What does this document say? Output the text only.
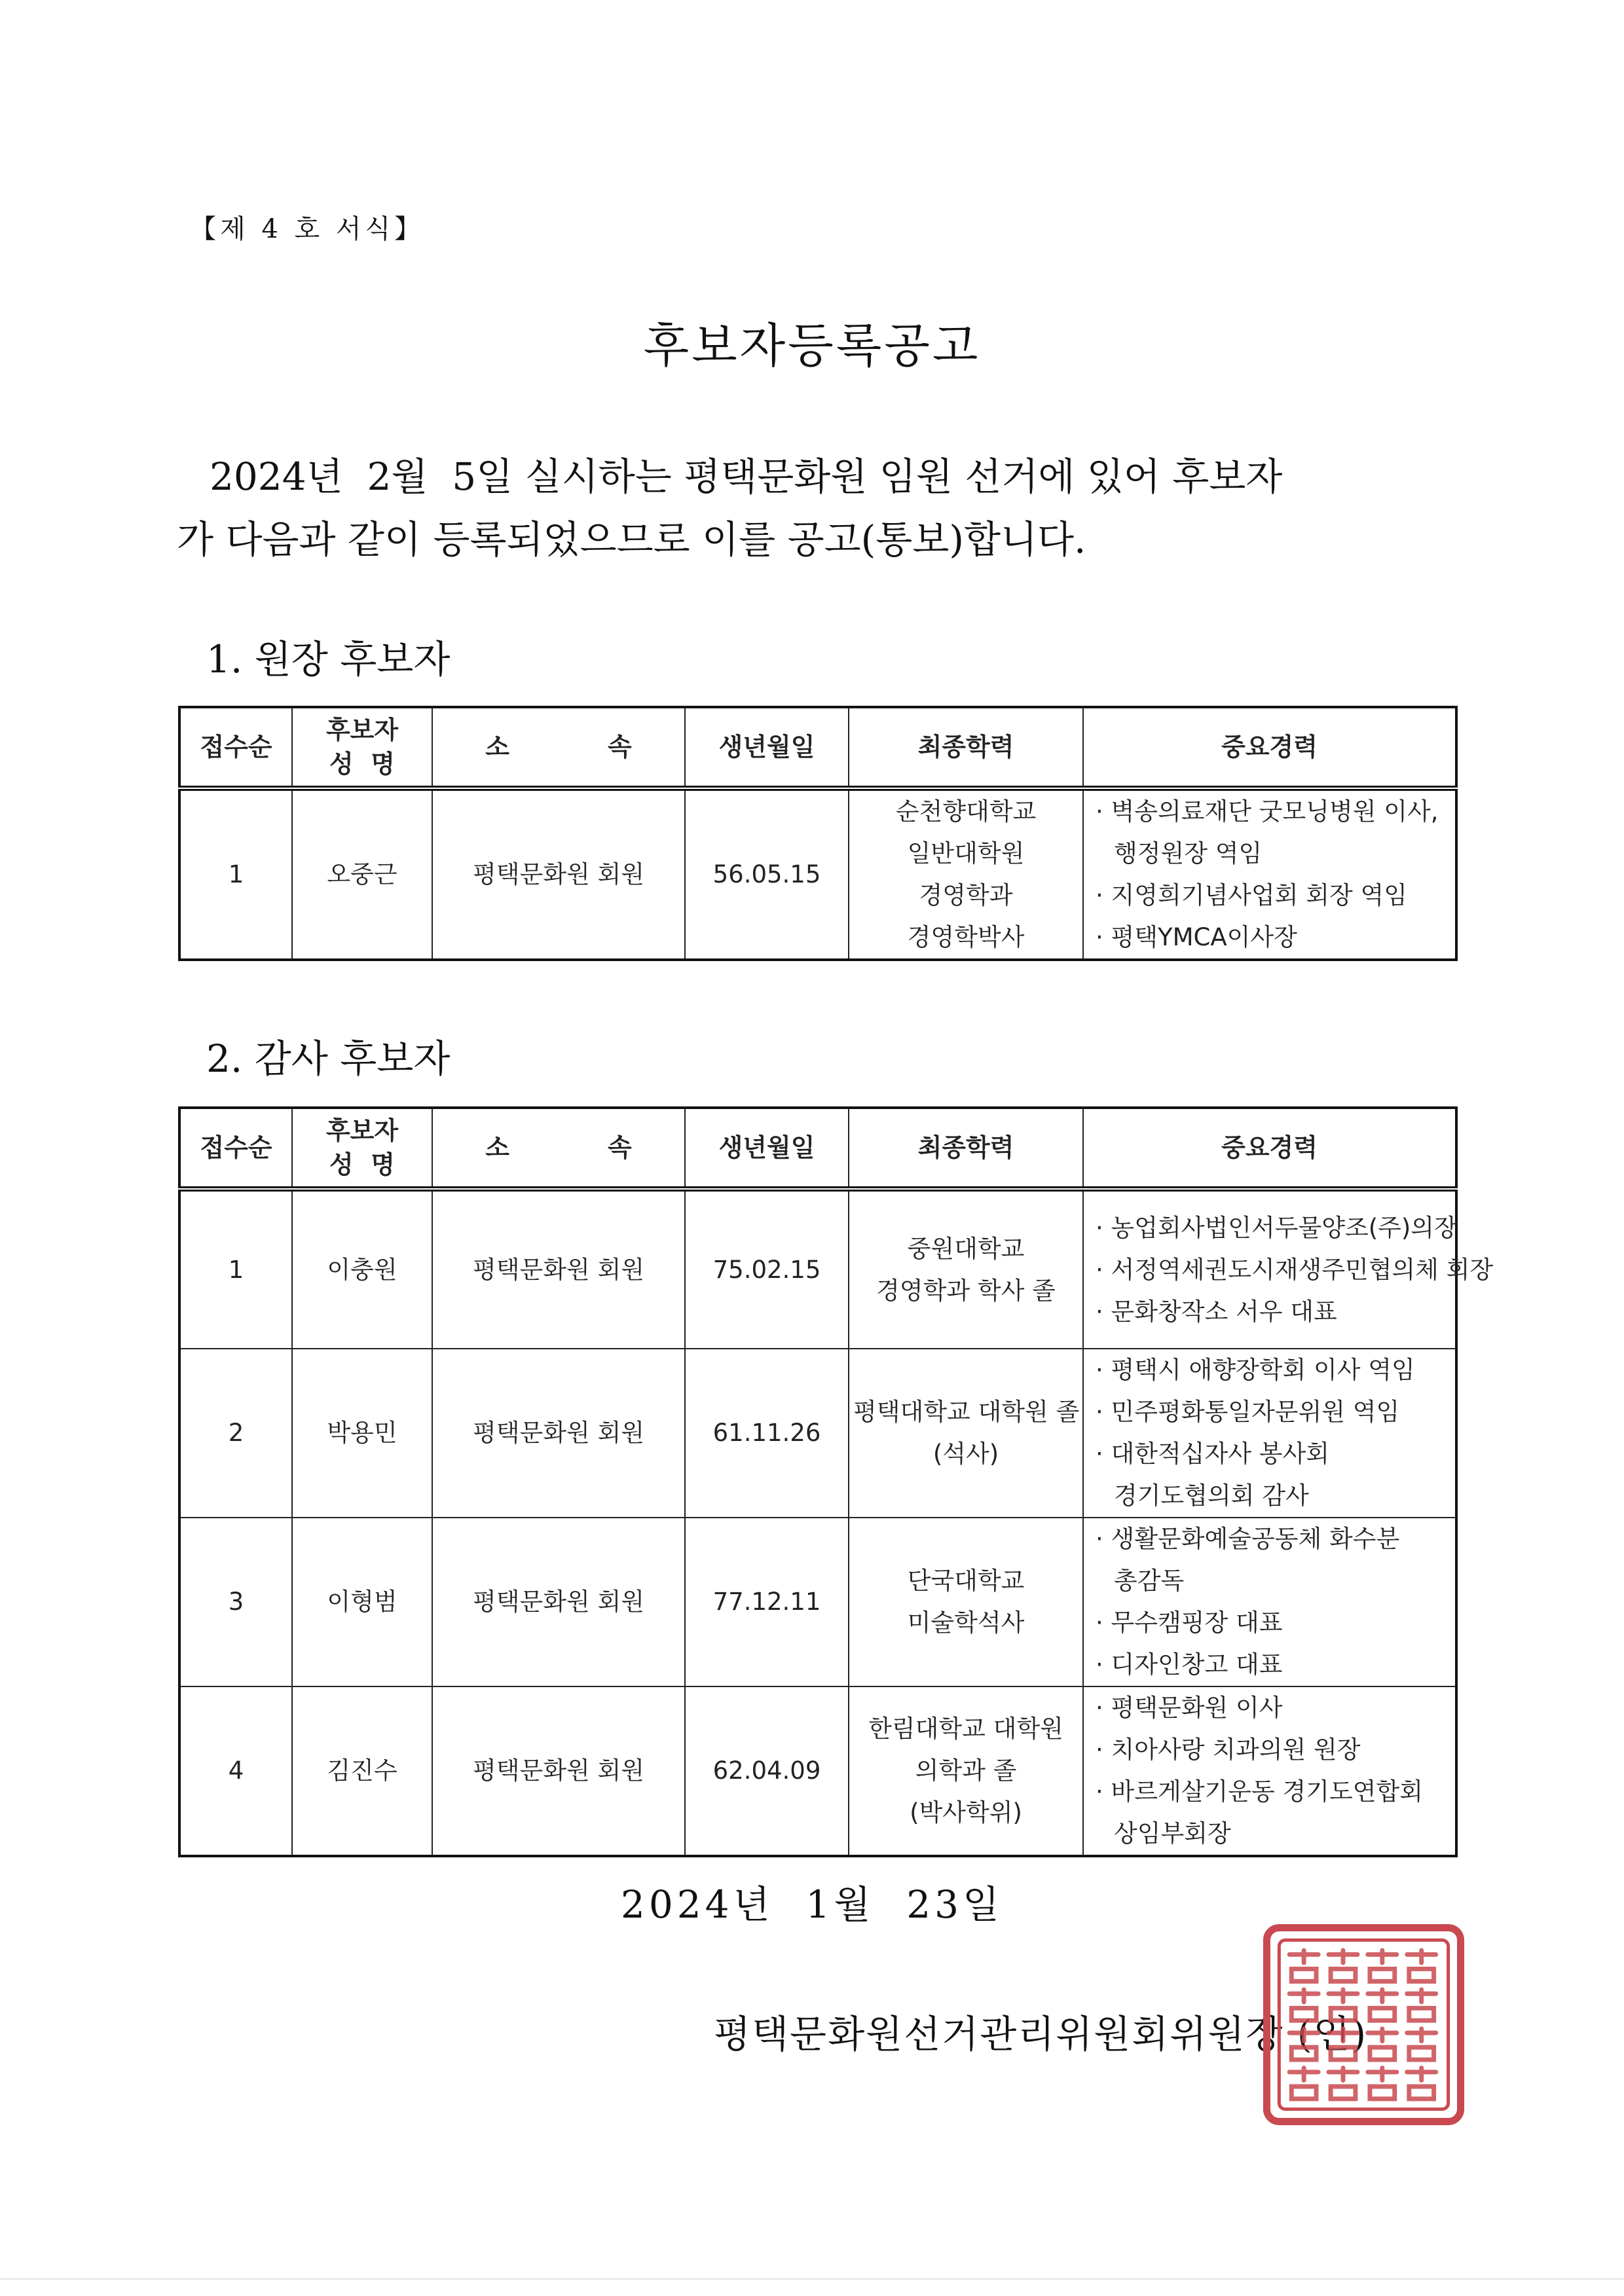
【제 4 호 서식】
후보자등록공고
2024년  2월  5일 실시하는 평택문화원 임원 선거에 있어 후보자
가 다음과 같이 등록되었으므로 이를 공고(통보)합니다.
1. 원장 후보자
접수순	후보자
성  명	소 속	생년월일	최종학력	중요경력
1	오중근	평택문화원 회원	56.05.15	순천향대학교
일반대학원
경영학과
경영학박사	· 벽송의료재단 굿모닝병원 이사,
행정원장 역임
· 지영희기념사업회 회장 역임
· 평택YMCA이사장
2. 감사 후보자
접수순	후보자
성  명	소 속	생년월일	최종학력	중요경력
1	이충원	평택문화원 회원	75.02.15	중원대학교
경영학과 학사 졸	· 농업회사법인서두물양조(주)의장
· 서정역세권도시재생주민협의체 회장
· 문화창작소 서우 대표

2	박용민	평택문화원 회원	61.11.26	평택대학교 대학원 졸
(석사)	· 평택시 애향장학회 이사 역임
· 민주평화통일자문위원 역임
· 대한적십자사 봉사회
경기도협의회 감사

3	이형범	평택문화원 회원	77.12.11	단국대학교
미술학석사	· 생활문화예술공동체 화수분
총감독
· 무수캠핑장 대표
· 디자인창고 대표

4	김진수	평택문화원 회원	62.04.09	한림대학교 대학원
의학과 졸
(박사학위)	· 평택문화원 이사
· 치아사랑 치과의원 원장
· 바르게살기운동 경기도연합회
상임부회장
2024년  1월  23일
평택문화원선거관리위원회위원장 (인)
